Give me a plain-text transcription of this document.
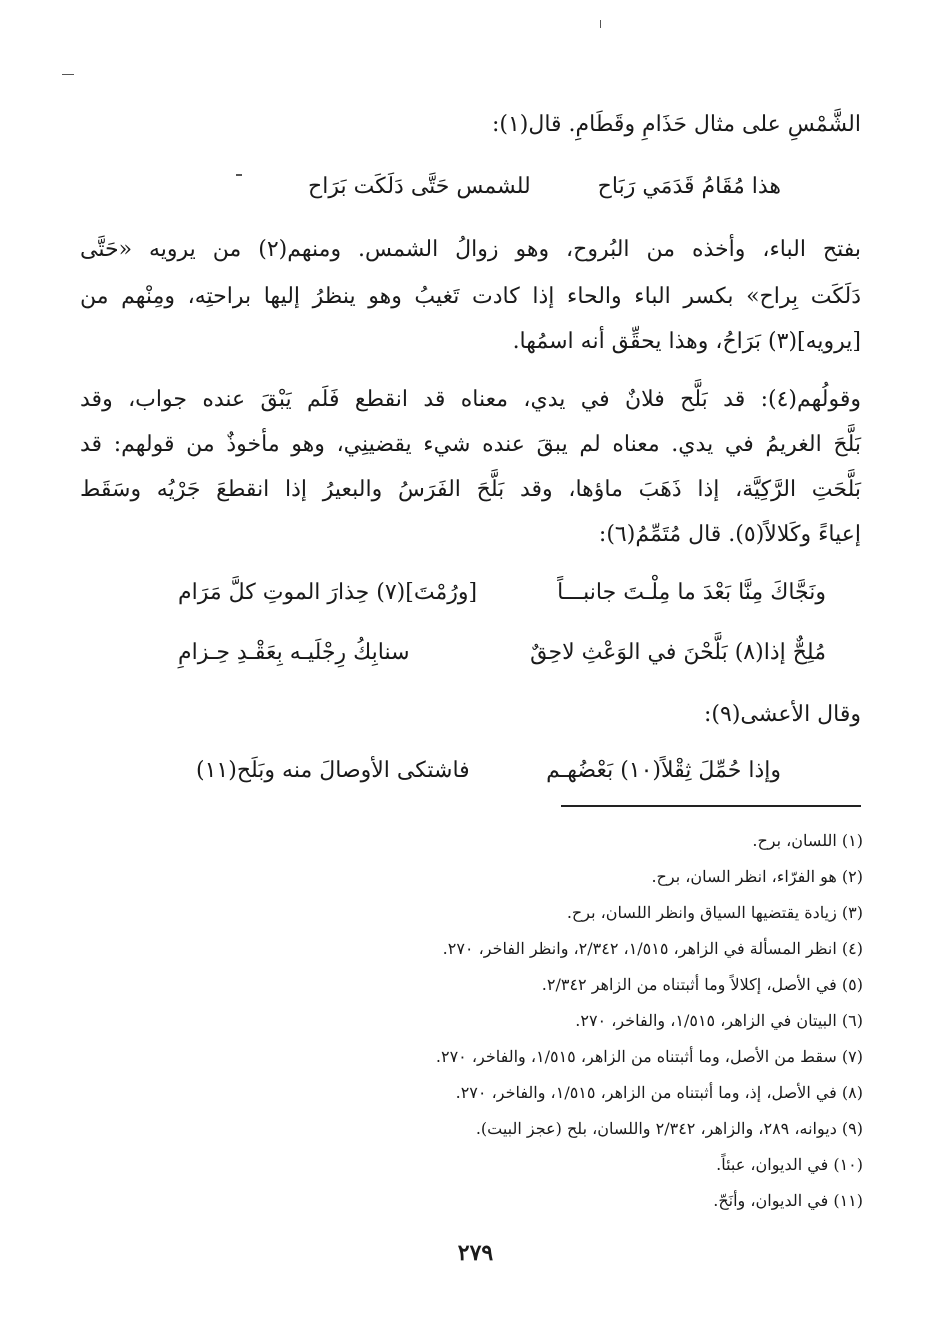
الشَّمْسِ على مثال حَذَامِ وقَطَامِ. قال(١):
هذا مُقَامُ قَدَمَي رَبَاح
للشمس حَتَّى دَلَكَت بَرَاح
بفتح الباء، وأخذه من البُروح، وهو زوالُ الشمس. ومنهم(٢) من يرويه «حَتَّى
دَلَكَت بِراح» بكسر الباء والحاء إذا كادت تَغيبُ وهو ينظرُ إليها براحتِه، ومِنْهم من
[يرويه](٣) بَرَاحُ، وهذا يحقِّق أنه اسمُها.
وقولُهم(٤): قد بَلَّح فلانٌ في يدي، معناه قد انقطع فَلَم يَبْقَ عنده جواب، وقد
بَلَّحَ الغريمُ في يدي. معناه لم يبقَ عنده شيء يقضينِي، وهو مأخوذٌ من قولهم: قد
بَلَّحَتِ الرَّكِيَّة، إذا ذَهَبَ ماؤها، وقد بَلَّحَ الفَرَسُ والبعيرُ إذا انقطعَ جَرْيُه وسَقَط
إعياءً وكَلالاً(٥). قال مُتَمِّمُ(٦):
ونَجَّاكَ مِنَّا بَعْدَ ما مِلْـتَ جانبـــاً
[ورُمْتَ](٧) حِذارَ الموتِ كلَّ مَرَام
مُلِحٌّ إذا(٨) بَلَّحْنَ في الوَعْثِ لاحِقٌ
سنابِكُ رِجْلَيـه بِعَقْـدِ حِـزامِ
وقال الأعشى(٩):
وإذا حُمِّلَ ثِقْلاً(١٠) بَعْضُهـم
فاشتكى الأوصالَ منه وبَلَح(١١)
(١) اللسان، برح.
(٢) هو الفرّاء، انظر السان، برح.
(٣) زيادة يقتضيها السياق وانظر اللسان، برح.
(٤) انظر المسألة في الزاهر، ١/٥١٥، ٢/٣٤٢، وانظر الفاخر، ٢٧٠.
(٥) في الأصل، إكلالاً وما أثبتناه من الزاهر ٢/٣٤٢.
(٦) البيتان في الزاهر، ١/٥١٥، والفاخر، ٢٧٠.
(٧) سقط من الأصل، وما أثبتناه من الزاهر، ١/٥١٥، والفاخر، ٢٧٠.
(٨) في الأصل، إذ، وما أثبتناه من الزاهر، ١/٥١٥، والفاخر، ٢٧٠.
(٩) ديوانه، ٢٨٩، والزاهر، ٢/٣٤٢ واللسان، بلح (عجز البيت).
(١٠) في الديوان، عبئاً.
(١١) في الديوان، وأنَحّ.
٢٧٩
